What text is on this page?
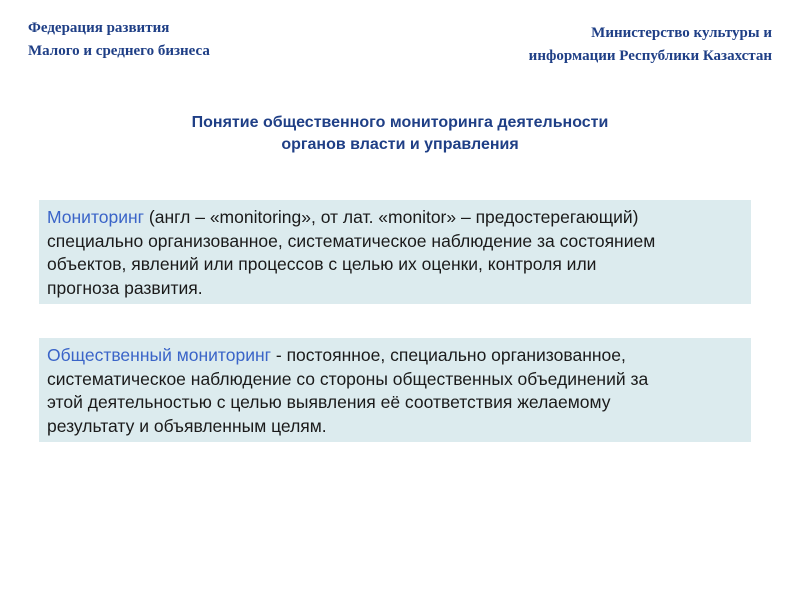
Федерация развития
Малого и среднего бизнеса
Министерство культуры и
информации Республики Казахстан
Понятие общественного мониторинга деятельности
органов власти и управления
Мониторинг (англ – «monitoring», от лат. «monitor» – предостерегающий)
специально организованное, систематическое наблюдение за состоянием
объектов, явлений или процессов с целью их оценки, контроля или
прогноза развития.
Общественный мониторинг - постоянное, специально организованное,
систематическое наблюдение со стороны общественных объединений за
этой деятельностью с целью выявления её соответствия желаемому
результату и объявленным целям.
